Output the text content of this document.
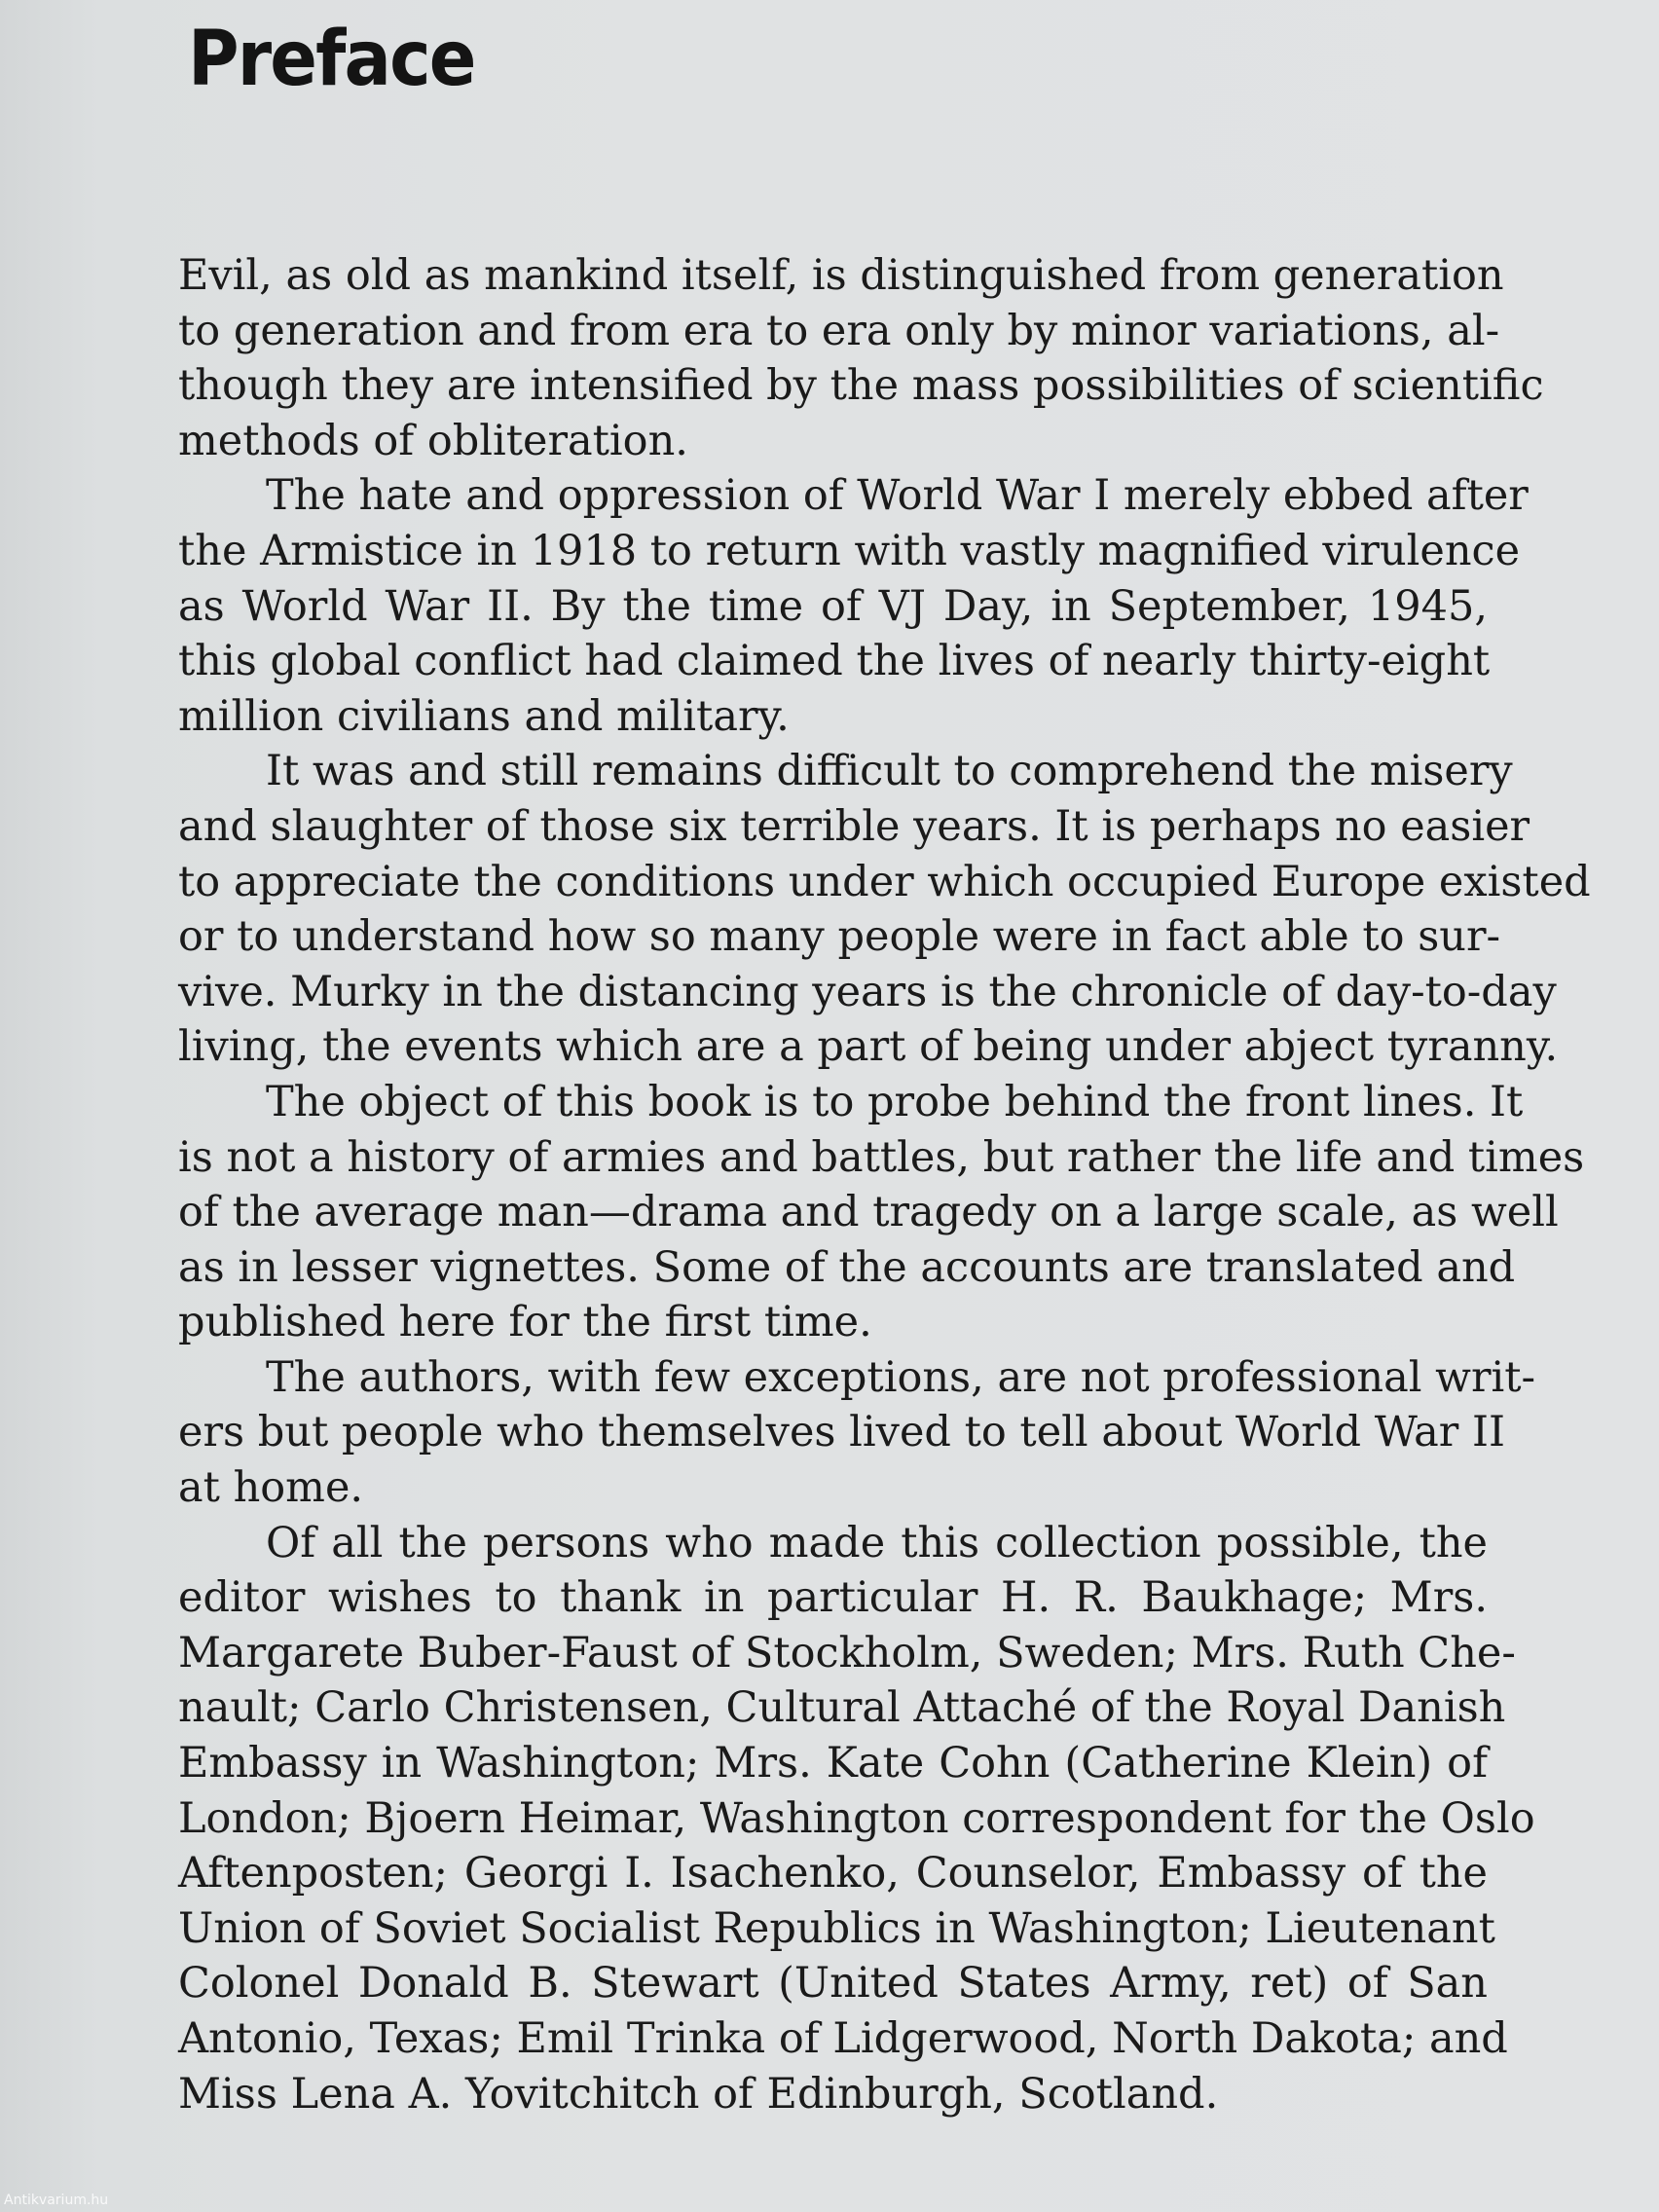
Preface
Evil, as old as mankind itself, is distinguished from generation
to generation and from era to era only by minor variations, al-
though they are intensified by the mass possibilities of scientific
methods of obliteration.
The hate and oppression of World War I merely ebbed after
the Armistice in 1918 to return with vastly magnified virulence
as World War II. By the time of VJ Day, in September, 1945,
this global conflict had claimed the lives of nearly thirty-eight
million civilians and military.
It was and still remains difficult to comprehend the misery
and slaughter of those six terrible years. It is perhaps no easier
to appreciate the conditions under which occupied Europe existed
or to understand how so many people were in fact able to sur-
vive. Murky in the distancing years is the chronicle of day-to-day
living, the events which are a part of being under abject tyranny.
The object of this book is to probe behind the front lines. It
is not a history of armies and battles, but rather the life and times
of the average man—drama and tragedy on a large scale, as well
as in lesser vignettes. Some of the accounts are translated and
published here for the first time.
The authors, with few exceptions, are not professional writ-
ers but people who themselves lived to tell about World War II
at home.
Of all the persons who made this collection possible, the
editor wishes to thank in particular H. R. Baukhage; Mrs.
Margarete Buber-Faust of Stockholm, Sweden; Mrs. Ruth Che-
nault; Carlo Christensen, Cultural Attaché of the Royal Danish
Embassy in Washington; Mrs. Kate Cohn (Catherine Klein) of
London; Bjoern Heimar, Washington correspondent for the Oslo
Aftenposten; Georgi I. Isachenko, Counselor, Embassy of the
Union of Soviet Socialist Republics in Washington; Lieutenant
Colonel Donald B. Stewart (United States Army, ret) of San
Antonio, Texas; Emil Trinka of Lidgerwood, North Dakota; and
Miss Lena A. Yovitchitch of Edinburgh, Scotland.
Antikvarium.hu
